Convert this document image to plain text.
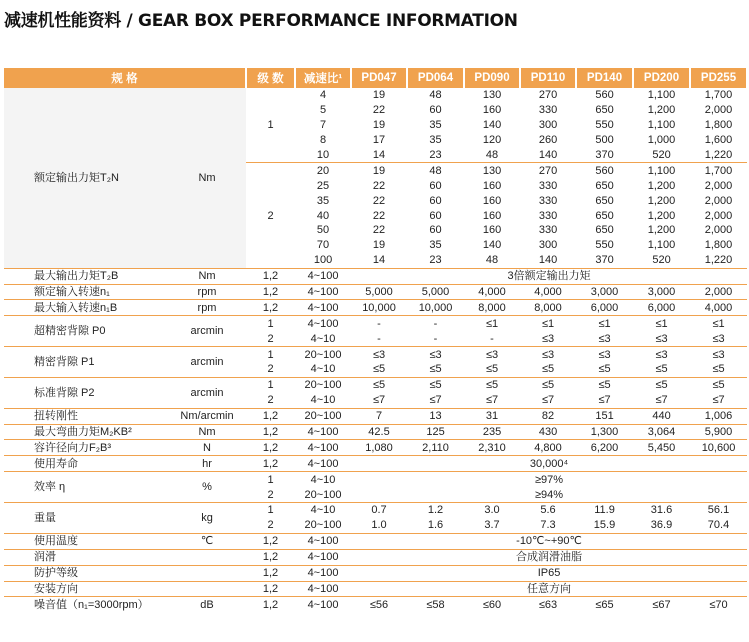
减速机性能资料 / GEAR BOX PERFORMANCE INFORMATION
规 格		级 数	减速比¹	PD047	PD064	PD090	PD110	PD140	PD200	PD255
额定输出力矩T₂N	Nm	1	4	19	48	130	270	560	1,100	1,700
			5	22	60	160	330	650	1,200	2,000
			7	19	35	140	300	550	1,100	1,800
			8	17	35	120	260	500	1,000	1,600
			10	14	23	48	140	370	520	1,220
		2	20	19	48	130	270	560	1,100	1,700
			25	22	60	160	330	650	1,200	2,000
			35	22	60	160	330	650	1,200	2,000
			40	22	60	160	330	650	1,200	2,000
			50	22	60	160	330	650	1,200	2,000
			70	19	35	140	300	550	1,100	1,800
			100	14	23	48	140	370	520	1,220
最大输出力矩T₂B	Nm	1,2	4~100	3倍额定输出力矩						
额定输入转速n₁	rpm	1,2	4~100	5,000	5,000	4,000	4,000	3,000	3,000	2,000
最大输入转速n₁B	rpm	1,2	4~100	10,000	10,000	8,000	8,000	6,000	6,000	4,000
超精密背隙 P0	arcmin	1	4~100	-	-	≤1	≤1	≤1	≤1	≤1
		2	4~10	-	-	-	≤3	≤3	≤3	≤3
精密背隙 P1	arcmin	1	20~100	≤3	≤3	≤3	≤3	≤3	≤3	≤3
		2	4~10	≤5	≤5	≤5	≤5	≤5	≤5	≤5
标准背隙 P2	arcmin	1	20~100	≤5	≤5	≤5	≤5	≤5	≤5	≤5
		2	4~10	≤7	≤7	≤7	≤7	≤7	≤7	≤7
扭转刚性	Nm/arcmin	1,2	20~100	7	13	31	82	151	440	1,006
最大弯曲力矩M₂KB²	Nm	1,2	4~100	42.5	125	235	430	1,300	3,064	5,900
容许径向力F₂B³	N	1,2	4~100	1,080	2,110	2,310	4,800	6,200	5,450	10,600
使用寿命	hr	1,2	4~100	30,000⁴						
效率 η	%	1	4~10	≥97%						
		2	20~100	≥94%						
重量	kg	1	4~10	0.7	1.2	3.0	5.6	11.9	31.6	56.1
		2	20~100	1.0	1.6	3.7	7.3	15.9	36.9	70.4
使用温度	℃	1,2	4~100	-10℃~+90℃						
润滑		1,2	4~100	合成润滑油脂						
防护等级		1,2	4~100	IP65						
安装方向		1,2	4~100	任意方向						
噪音值（n₁=3000rpm）	dB	1,2	4~100	≤56	≤58	≤60	≤63	≤65	≤67	≤70
